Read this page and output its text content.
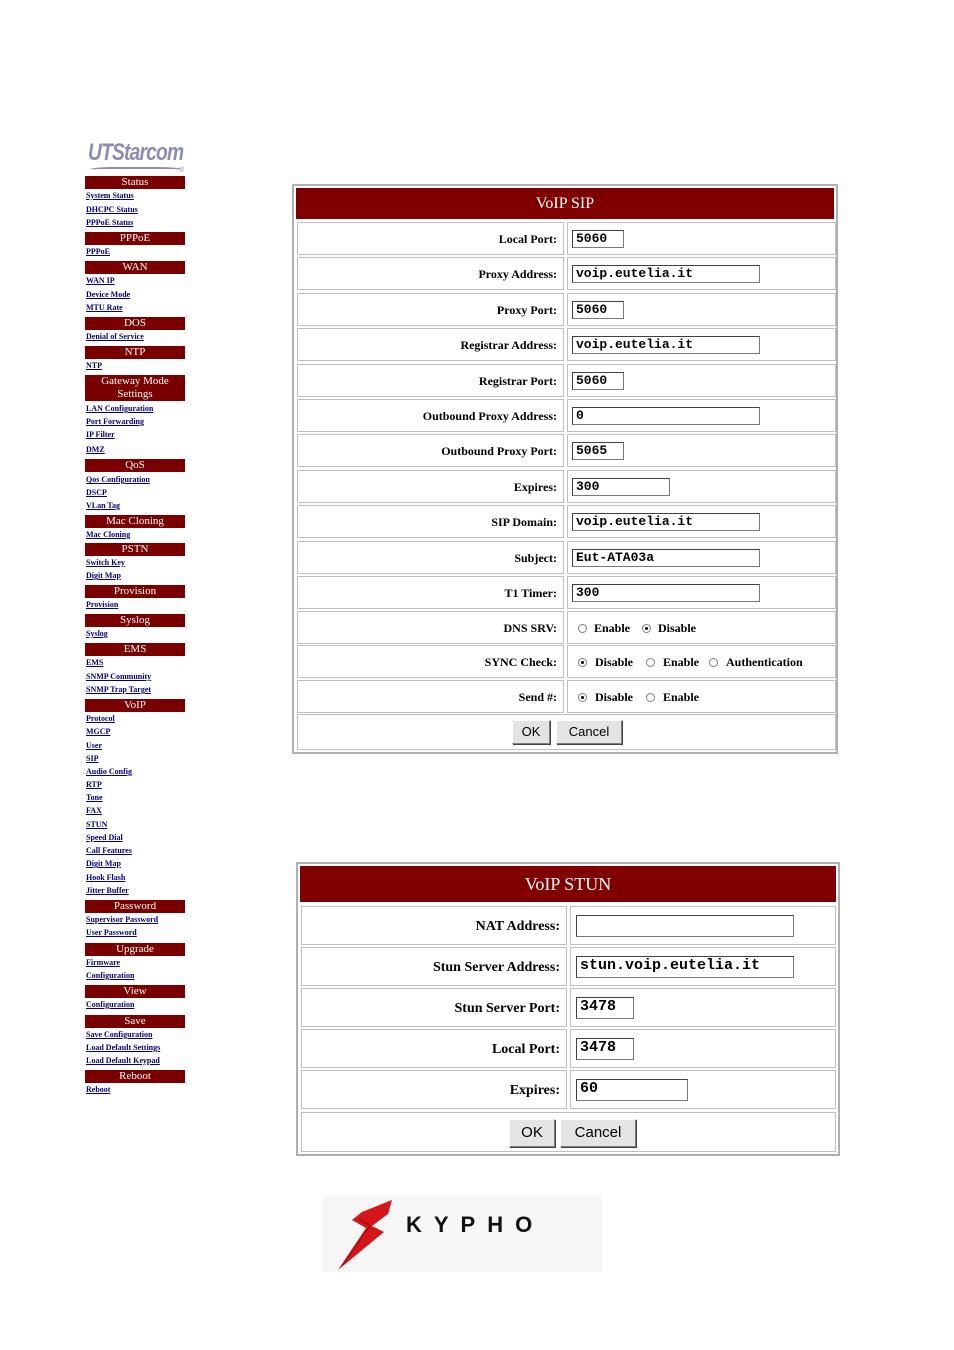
UTStarcom
®
Status
System Status
DHCPC Status
PPPoE Status
PPPoE
PPPoE
WAN
WAN IP
Device Mode
MTU Rate
DOS
Denial of Service
NTP
NTP
Gateway Mode
Settings
LAN Configuration
Port Forwarding
IP Filter
DMZ
QoS
Qos Configuration
DSCP
VLan Tag
Mac Cloning
Mac Cloning
PSTN
Switch Key
Digit Map
Provision
Provision
Syslog
Syslog
EMS
EMS
SNMP Community
SNMP Trap Target
VoIP
Protocol
MGCP
User
SIP
Audio Config
RTP
Tone
FAX
STUN
Speed Dial
Call Features
Digit Map
Hook Flash
Jitter Buffer
Password
Supervisor Password
User Password
Upgrade
Firmware
Configuration
View
Configuration
Save
Save Configuration
Load Default Settings
Load Default Keypad
Reboot
Reboot
VoIP SIP
Local Port:	5060
Proxy Address:	voip.eutelia.it
Proxy Port:	5060
Registrar Address:	voip.eutelia.it
Registrar Port:	5060
Outbound Proxy Address:	0
Outbound Proxy Port:	5065
Expires:	300
SIP Domain:	voip.eutelia.it
Subject:	Eut-ATA03a
T1 Timer:	300
DNS SRV:	Enable Disable
SYNC Check:	Disable Enable Authentication
Send #:	Disable Enable
OK	Cancel
VoIP STUN
NAT Address:
Stun Server Address:	stun.voip.eutelia.it
Stun Server Port:	3478
Local Port:	3478
Expires:	60
OK	Cancel
KYPHO
